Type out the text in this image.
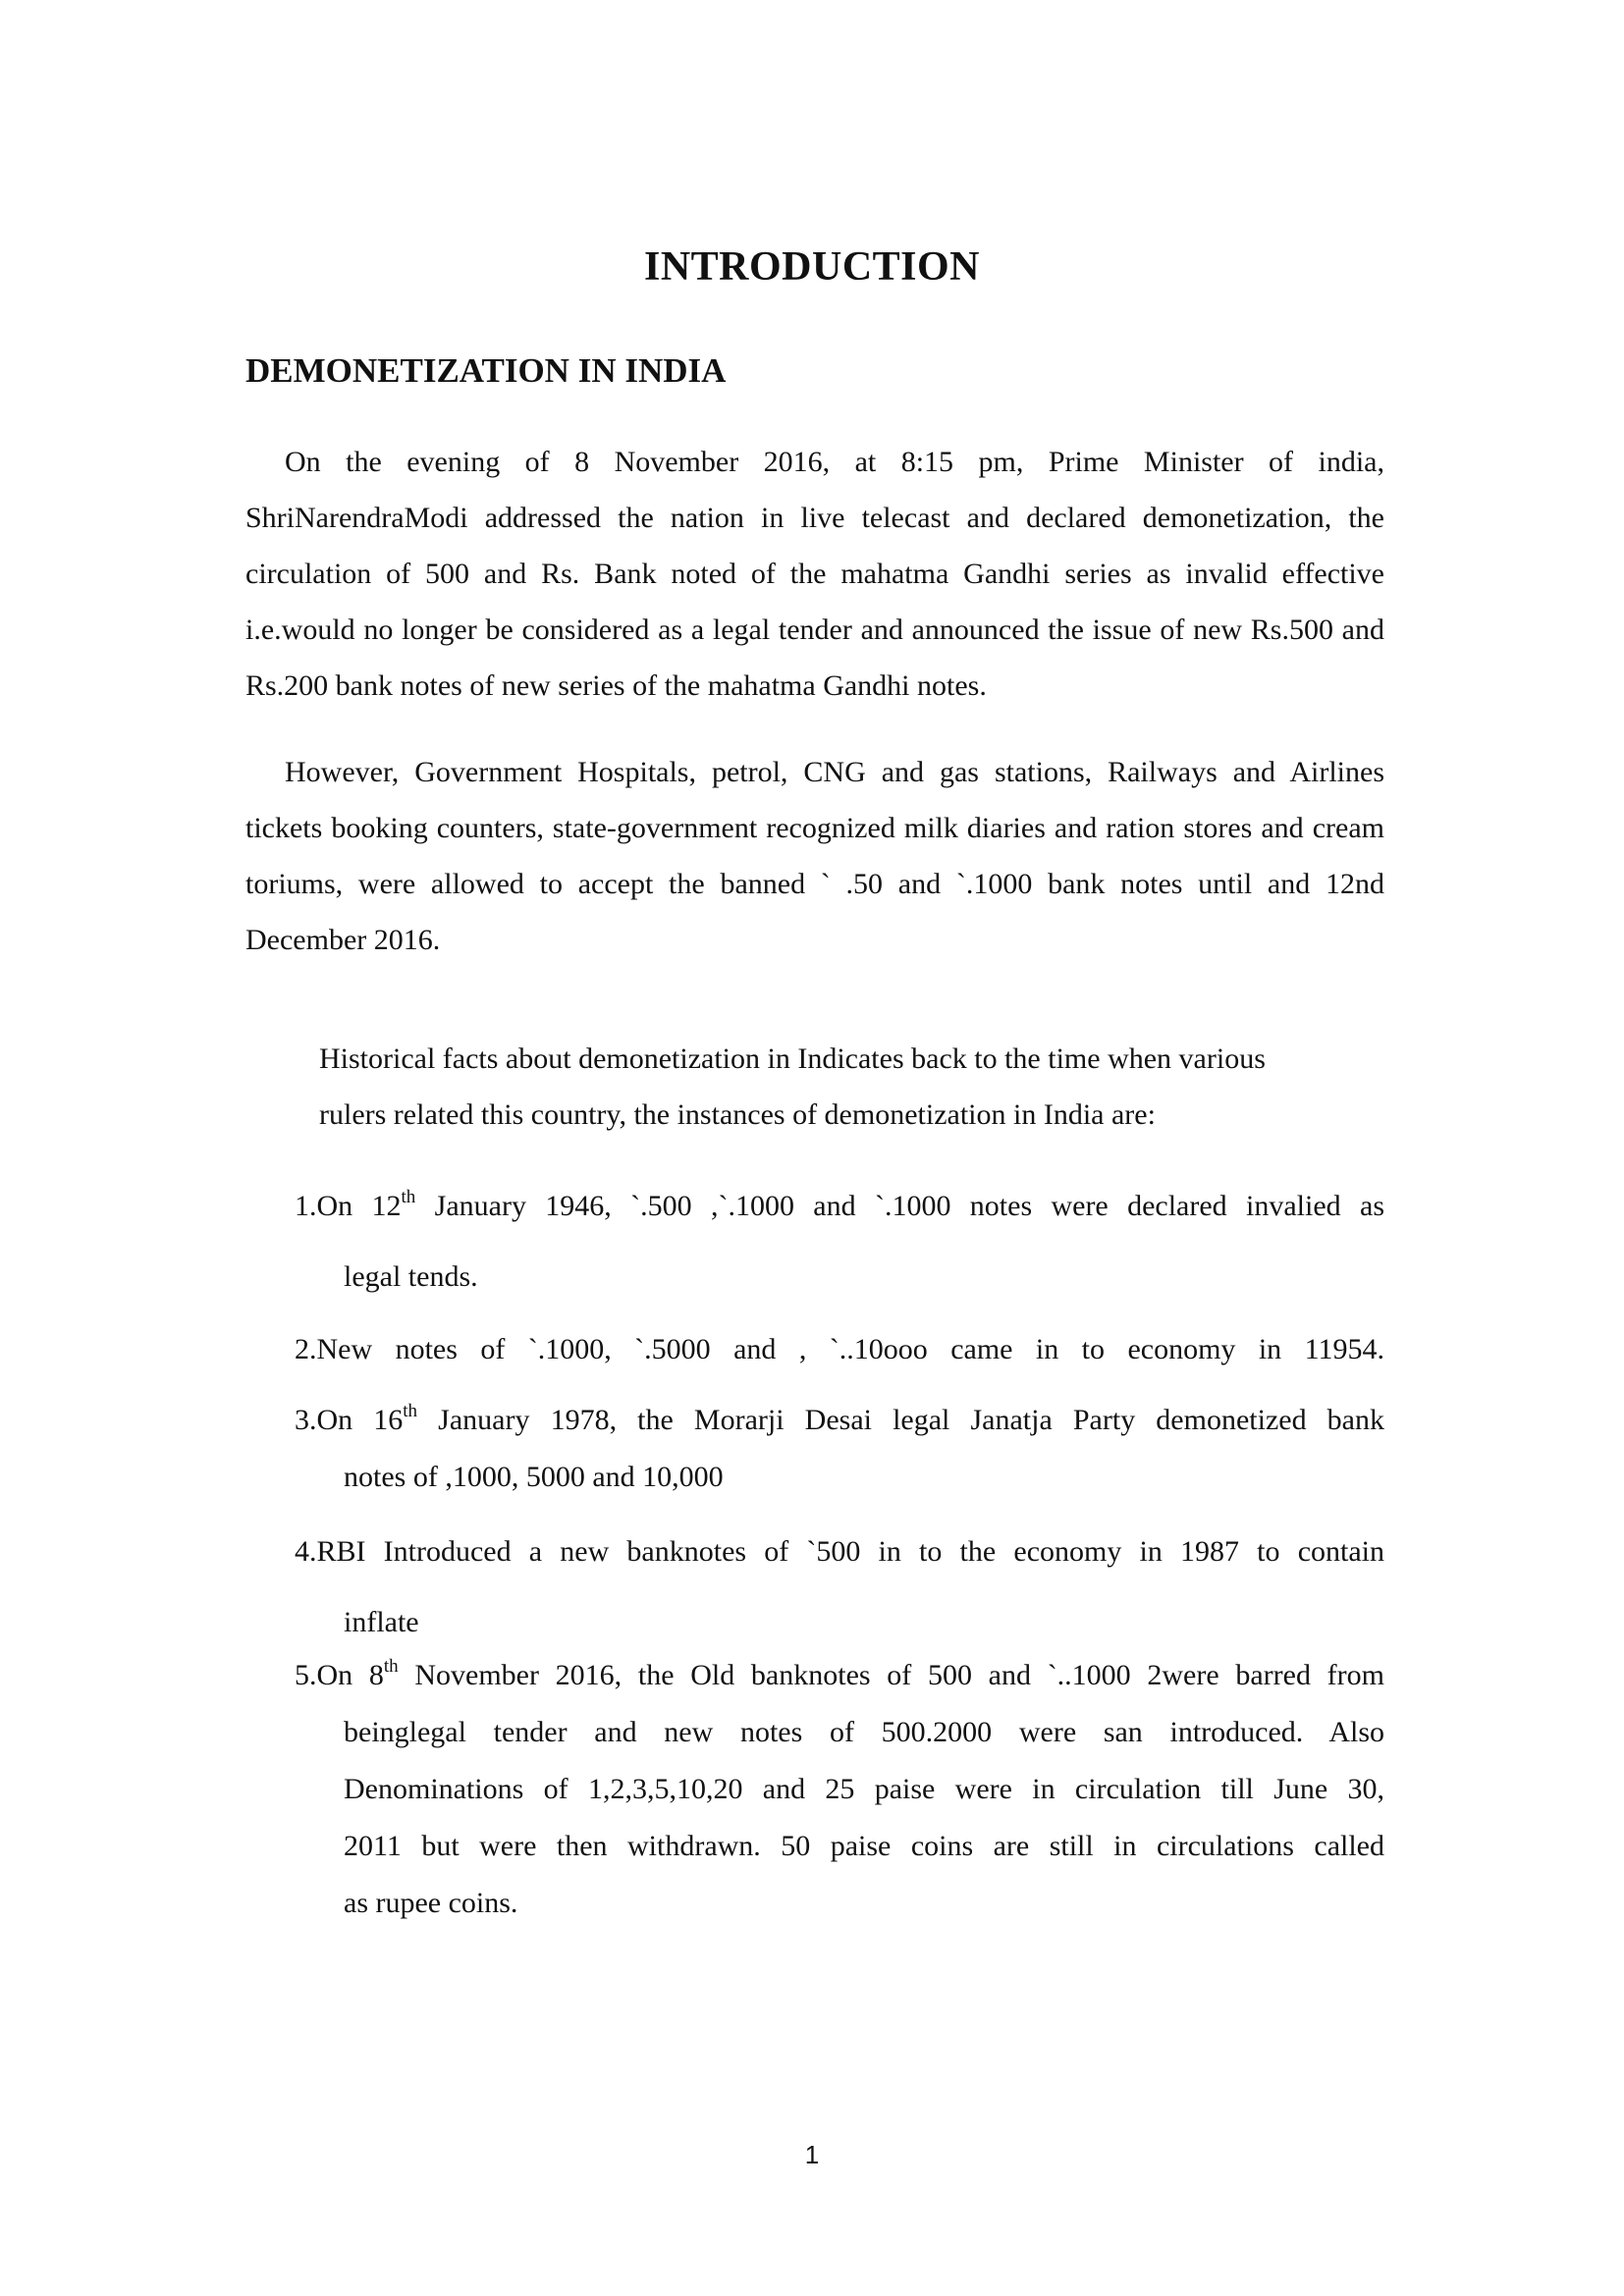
INTRODUCTION
DEMONETIZATION IN INDIA

On the evening of 8 November 2016, at 8:15 pm, Prime Minister of india, ShriNarendraModi addressed the nation in live telecast and declared demonetization, the circulation of 500 and Rs. Bank noted of the mahatma Gandhi series as invalid effective i.e.would no longer be considered as a legal tender and announced the issue of new Rs.500 and Rs.200 bank notes of new series of the mahatma Gandhi notes.

However, Government Hospitals, petrol, CNG and gas stations, Railways and Airlines tickets booking counters, state-government recognized milk diaries and ration stores and cream toriums, were allowed to accept the banned ` .50 and `.1000 bank notes until and 12nd December 2016.

Historical facts about demonetization in Indicates back to the time when various
rulers related this country, the instances of demonetization in India are:

1.On 12th January 1946, `.500 ,`.1000 and `.1000 notes were declared invalied as
legal tends.
2.New notes of `.1000, `.5000 and , `..10ooo came in to economy in 11954.
3.On 16th January 1978, the Morarji Desai legal Janatja Party demonetized bank
notes of ,1000, 5000 and 10,000
4.RBI Introduced a new banknotes of `500 in to the economy in 1987 to contain
inflate
5.On 8th November 2016, the Old banknotes of 500 and `..1000 2were barred from
beinglegal tender and new notes of 500.2000 were san introduced. Also
Denominations of 1,2,3,5,10,20 and 25 paise were in circulation till June 30,
2011 but were then withdrawn. 50 paise coins are still in circulations called
as rupee coins.
1
